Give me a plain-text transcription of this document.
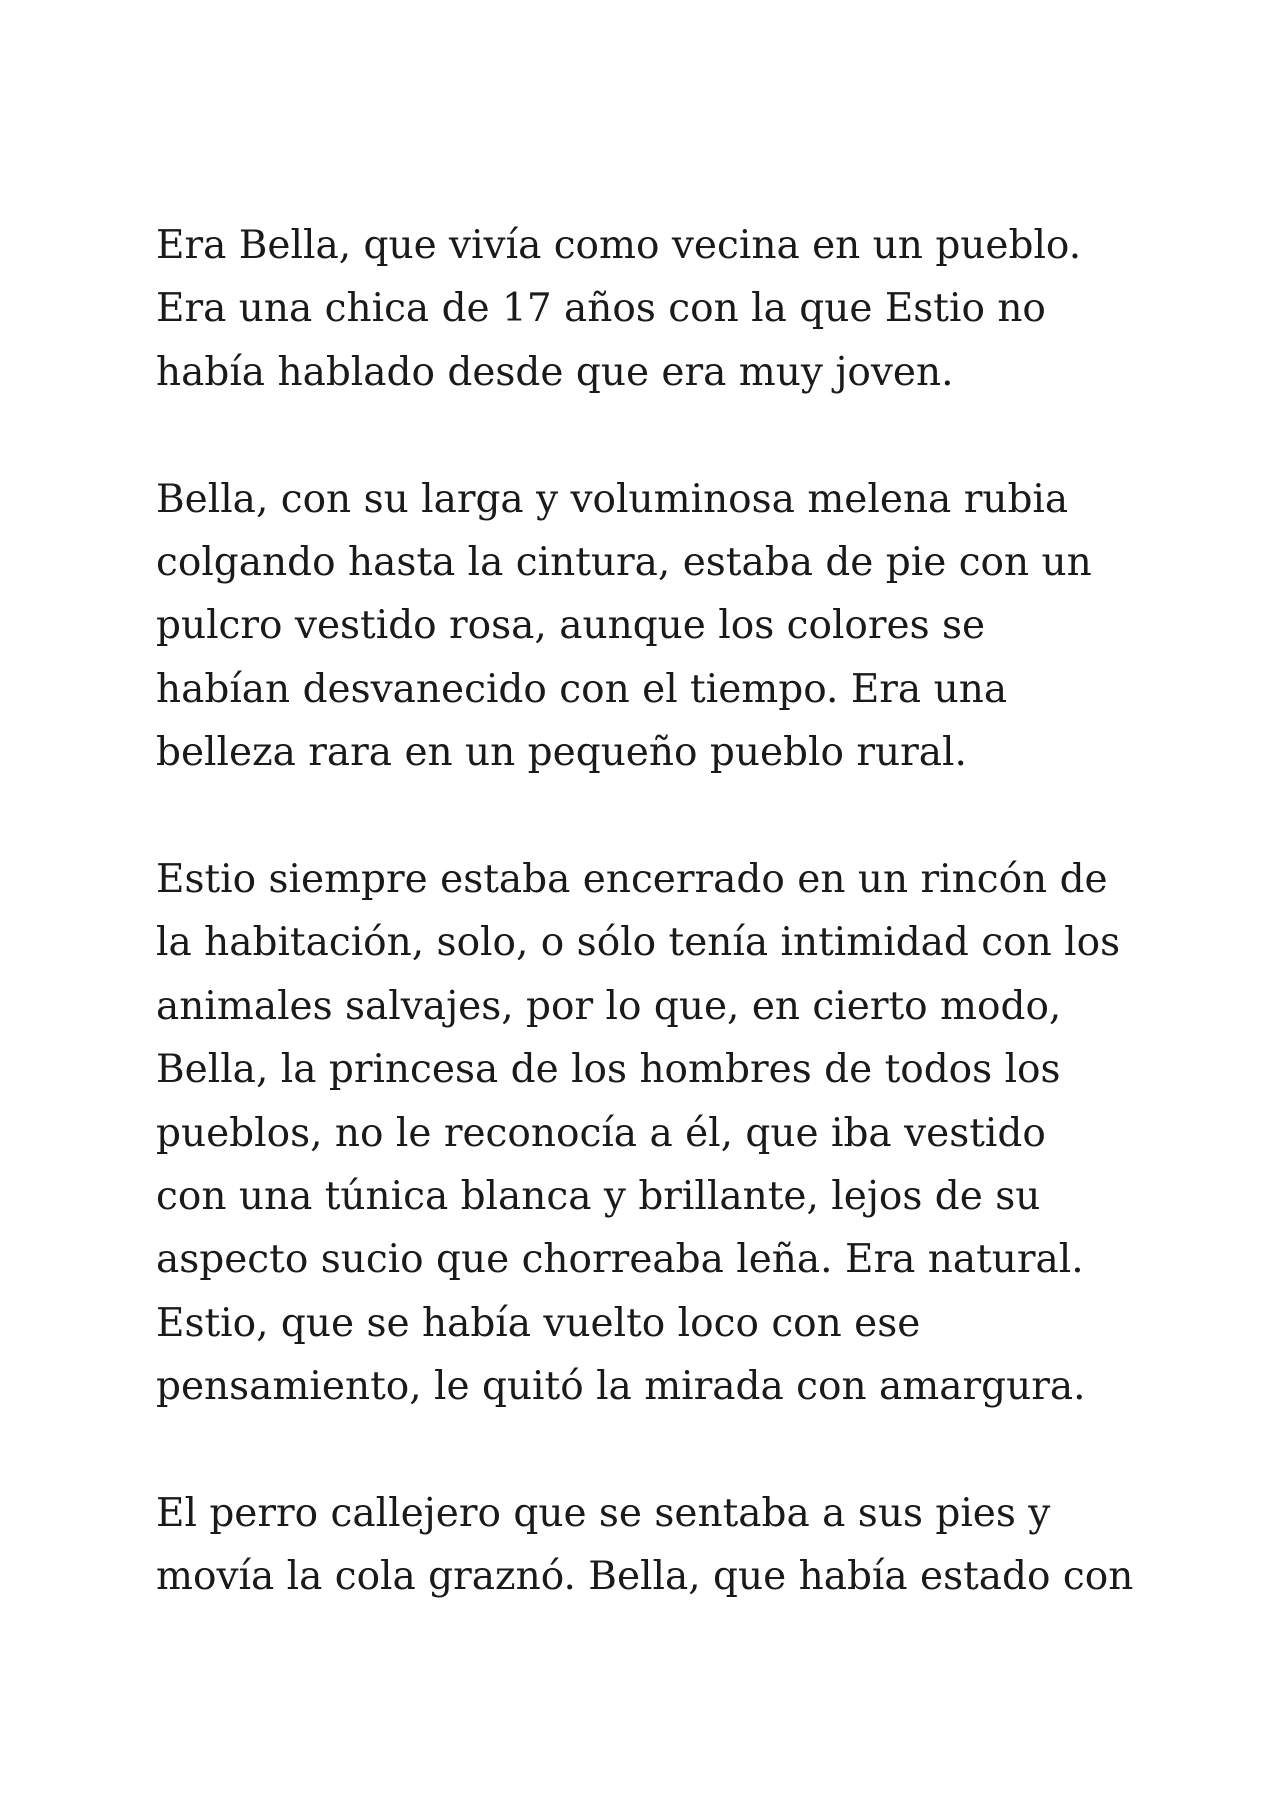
Era Bella, que vivía como vecina en un pueblo.
Era una chica de 17 años con la que Estio no
había hablado desde que era muy joven.

Bella, con su larga y voluminosa melena rubia
colgando hasta la cintura, estaba de pie con un
pulcro vestido rosa, aunque los colores se
habían desvanecido con el tiempo. Era una
belleza rara en un pequeño pueblo rural.

Estio siempre estaba encerrado en un rincón de
la habitación, solo, o sólo tenía intimidad con los
animales salvajes, por lo que, en cierto modo,
Bella, la princesa de los hombres de todos los
pueblos, no le reconocía a él, que iba vestido
con una túnica blanca y brillante, lejos de su
aspecto sucio que chorreaba leña. Era natural.
Estio, que se había vuelto loco con ese
pensamiento, le quitó la mirada con amargura.

El perro callejero que se sentaba a sus pies y
movía la cola graznó. Bella, que había estado con
